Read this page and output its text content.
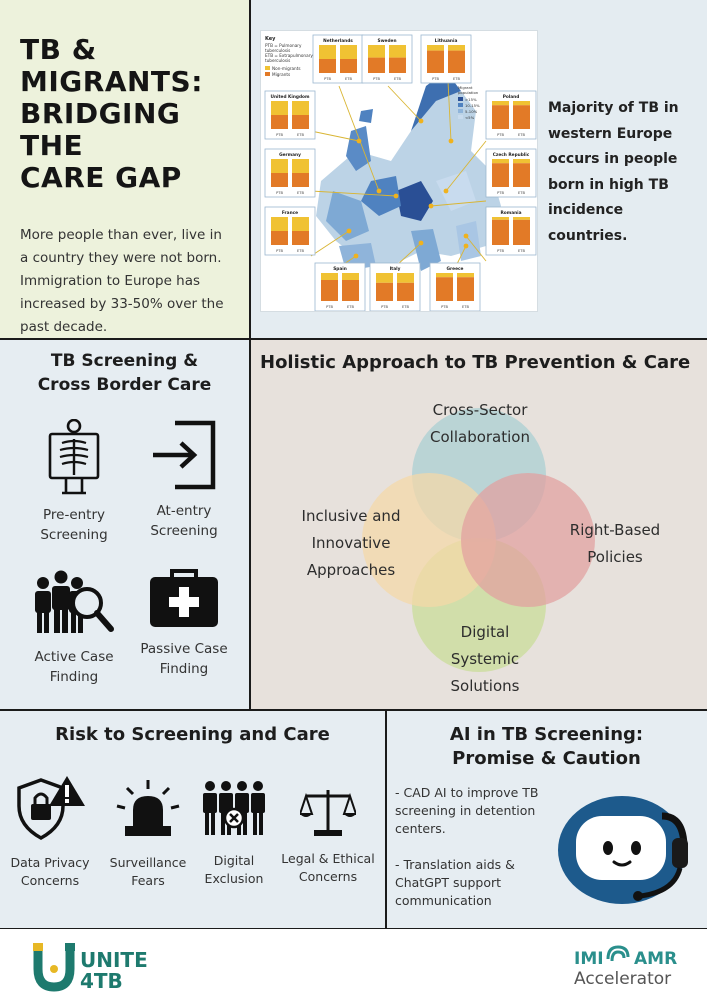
TB &
MIGRANTS:
BRIDGING THE
CARE GAP

More people than ever, live in a country they were not born. Immigration to Europe has increased by 33-50% over the past decade.

Key
PTB = Pulmonary
tuberculosis
ETB = Extrapulmonary
tuberculosis
Non-migrants
Migrants
Migrant
population
>15%
10-15%
5-10%
<5%
Netherlands
PTB	ETB
Sweden
PTB	ETB
Lithuania
PTB	ETB
United Kingdom
PTB	ETB
Poland
PTB	ETB
Germany
PTB	ETB
Czech Republic
PTB	ETB
France
PTB	ETB
Romania
PTB	ETB
Spain
PTB	ETB
Italy
PTB	ETB
Greece
PTB	ETB

Majority of TB in western Europe occurs in people born in high TB incidence countries.

TB Screening &
Cross Border Care
Pre-entry
Screening
At-entry
Screening
Active Case
Finding
Passive Case
Finding
Holistic Approach to TB Prevention & Care
Cross-Sector
Collaboration
Right-Based
Policies
Digital
Systemic
Solutions
Inclusive and
Innovative
Approaches
Risk to Screening and Care
Data Privacy
Concerns
Surveillance
Fears
Digital
Exclusion
Legal & Ethical
Concerns
AI in TB Screening:
Promise & Caution

- CAD AI to improve TB screening in detention centers.

- Translation aids & ChatGPT support communication

UNITE
4TB
IMI AMR
Accelerator
